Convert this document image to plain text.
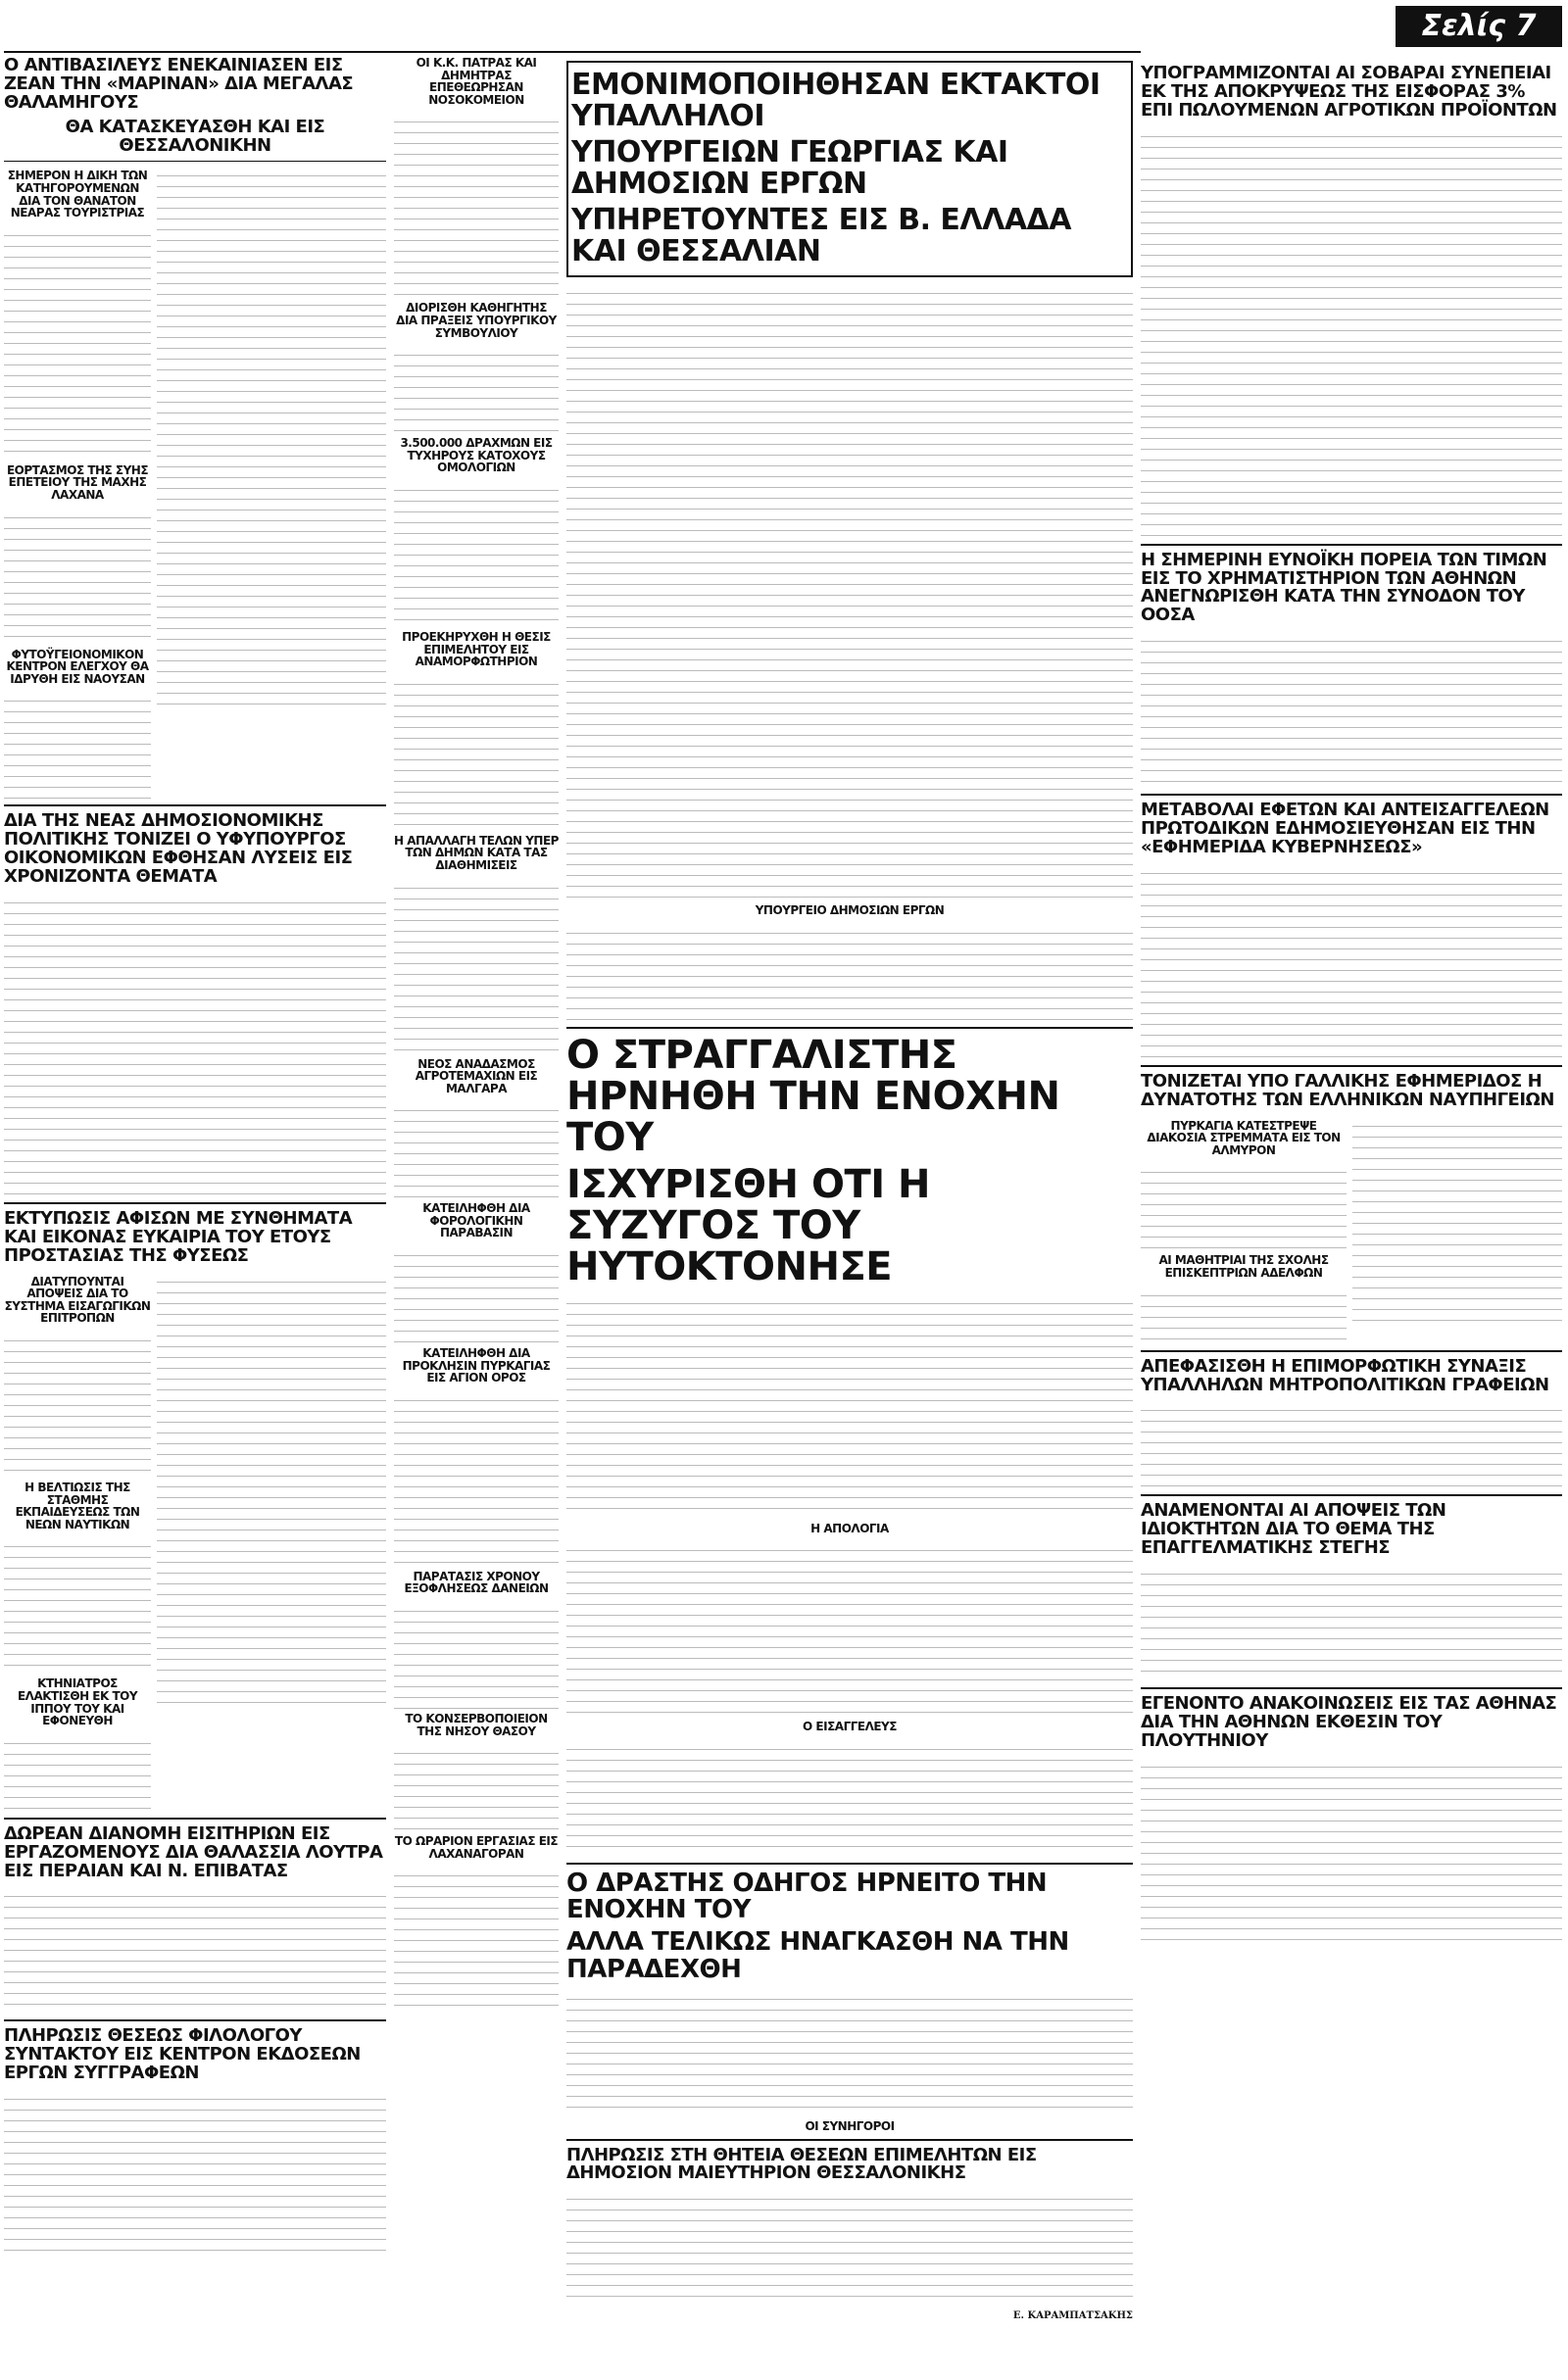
Σελίς 7
Ο ΑΝΤΙΒΑΣΙΛΕΥΣ ΕΝΕΚΑΙΝΙΑΣΕΝ ΕΙΣ ΖΕΑΝ ΤΗΝ «ΜΑΡΙΝΑΝ» ΔΙΑ ΜΕΓΑΛΑΣ ΘΑΛΑΜΗΓΟΥΣ
ΘΑ ΚΑΤΑΣΚΕΥΑΣΘΗ ΚΑΙ ΕΙΣ ΘΕΣΣΑΛΟΝΙΚΗΝ
ΣΗΜΕΡΟΝ Η ΔΙΚΗ ΤΩΝ ΚΑΤΗΓΟΡΟΥΜΕΝΩΝ ΔΙΑ ΤΟΝ ΘΑΝΑΤΟΝ ΝΕΑΡΑΣ ΤΟΥΡΙΣΤΡΙΑΣ
ΕΟΡΤΑΣΜΟΣ ΤΗΣ ΣΥΗΣ ΕΠΕΤΕΙΟΥ ΤΗΣ ΜΑΧΗΣ ΛΑΧΑΝΑ
ΦΥΤΟΫΓΕΙΟΝΟΜΙΚΟΝ ΚΕΝΤΡΟΝ ΕΛΕΓΧΟΥ ΘΑ ΙΔΡΥΘΗ ΕΙΣ ΝΑΟΥΣΑΝ
ΔΙΑ ΤΗΣ ΝΕΑΣ ΔΗΜΟΣΙΟΝΟΜΙΚΗΣ ΠΟΛΙΤΙΚΗΣ ΤΟΝΙΖΕΙ Ο ΥΦΥΠΟΥΡΓΟΣ ΟΙΚΟΝΟΜΙΚΩΝ ΕΦΘΗΣΑΝ ΛΥΣΕΙΣ ΕΙΣ ΧΡΟΝΙΖΟΝΤΑ ΘΕΜΑΤΑ
ΕΚΤΥΠΩΣΙΣ ΑΦΙΣΩΝ ΜΕ ΣΥΝΘΗΜΑΤΑ ΚΑΙ ΕΙΚΟΝΑΣ ΕΥΚΑΙΡΙΑ ΤΟΥ ΕΤΟΥΣ ΠΡΟΣΤΑΣΙΑΣ ΤΗΣ ΦΥΣΕΩΣ
ΔΙΑΤΥΠΟΥΝΤΑΙ ΑΠΟΨΕΙΣ ΔΙΑ ΤΟ ΣΥΣΤΗΜΑ ΕΙΣΑΓΩΓΙΚΩΝ ΕΠΙΤΡΟΠΩΝ
Η ΒΕΛΤΙΩΣΙΣ ΤΗΣ ΣΤΑΘΜΗΣ ΕΚΠΑΙΔΕΥΣΕΩΣ ΤΩΝ ΝΕΩΝ ΝΑΥΤΙΚΩΝ
ΚΤΗΝΙΑΤΡΟΣ ΕΛΑΚΤΙΣΘΗ ΕΚ ΤΟΥ ΙΠΠΟΥ ΤΟΥ ΚΑΙ ΕΦΟΝΕΥΘΗ
ΔΩΡΕΑΝ ΔΙΑΝΟΜΗ ΕΙΣΙΤΗΡΙΩΝ ΕΙΣ ΕΡΓΑΖΟΜΕΝΟΥΣ ΔΙΑ ΘΑΛΑΣΣΙΑ ΛΟΥΤΡΑ ΕΙΣ ΠΕΡΑΙΑΝ ΚΑΙ Ν. ΕΠΙΒΑΤΑΣ
ΠΛΗΡΩΣΙΣ ΘΕΣΕΩΣ ΦΙΛΟΛΟΓΟΥ ΣΥΝΤΑΚΤΟΥ ΕΙΣ ΚΕΝΤΡΟΝ ΕΚΔΟΣΕΩΝ ΕΡΓΩΝ ΣΥΓΓΡΑΦΕΩΝ
ΟΙ Κ.Κ. ΠΑΤΡΑΣ ΚΑΙ ΔΗΜΗΤΡΑΣ ΕΠΕΘΕΩΡΗΣΑΝ ΝΟΣΟΚΟΜΕΙΟΝ
ΔΙΟΡΙΣΘΗ ΚΑΘΗΓΗΤΗΣ ΔΙΑ ΠΡΑΞΕΙΣ ΥΠΟΥΡΓΙΚΟΥ ΣΥΜΒΟΥΛΙΟΥ
3.500.000 ΔΡΑΧΜΩΝ ΕΙΣ ΤΥΧΗΡΟΥΣ ΚΑΤΟΧΟΥΣ ΟΜΟΛΟΓΙΩΝ
ΠΡΟΕΚΗΡΥΧΘΗ Η ΘΕΣΙΣ ΕΠΙΜΕΛΗΤΟΥ ΕΙΣ ΑΝΑΜΟΡΦΩΤΗΡΙΟΝ
Η ΑΠΑΛΛΑΓΗ ΤΕΛΩΝ ΥΠΕΡ ΤΩΝ ΔΗΜΩΝ ΚΑΤΑ ΤΑΣ ΔΙΑΘΗΜΙΣΕΙΣ
ΝΕΟΣ ΑΝΑΔΑΣΜΟΣ ΑΓΡΟΤΕΜΑΧΙΩΝ ΕΙΣ ΜΑΛΓΑΡΑ
ΚΑΤΕΙΛΗΦΘΗ ΔΙΑ ΦΟΡΟΛΟΓΙΚΗΝ ΠΑΡΑΒΑΣΙΝ
ΚΑΤΕΙΛΗΦΘΗ ΔΙΑ ΠΡΟΚΛΗΣΙΝ ΠΥΡΚΑΓΙΑΣ ΕΙΣ ΑΓΙΟΝ ΟΡΟΣ
ΠΑΡΑΤΑΣΙΣ ΧΡΟΝΟΥ ΕΞΟΦΛΗΣΕΩΣ ΔΑΝΕΙΩΝ
ΤΟ ΚΟΝΣΕΡΒΟΠΟΙΕΙΟΝ ΤΗΣ ΝΗΣΟΥ ΘΑΣΟΥ
ΤΟ ΩΡΑΡΙΟΝ ΕΡΓΑΣΙΑΣ ΕΙΣ ΛΑΧΑΝΑΓΟΡΑΝ
ΕΜΟΝΙΜΟΠΟΙΗΘΗΣΑΝ ΕΚΤΑΚΤΟΙ ΥΠΑΛΛΗΛΟΙ
ΥΠΟΥΡΓΕΙΩΝ ΓΕΩΡΓΙΑΣ ΚΑΙ ΔΗΜΟΣΙΩΝ ΕΡΓΩΝ
ΥΠΗΡΕΤΟΥΝΤΕΣ ΕΙΣ Β. ΕΛΛΑΔΑ ΚΑΙ ΘΕΣΣΑΛΙΑΝ
ΥΠΟΥΡΓΕΙΟ ΔΗΜΟΣΙΩΝ ΕΡΓΩΝ
Ο ΣΤΡΑΓΓΑΛΙΣΤΗΣ ΗΡΝΗΘΗ ΤΗΝ ΕΝΟΧΗΝ ΤΟΥ
ΙΣΧΥΡΙΣΘΗ ΟΤΙ Η ΣΥΖΥΓΟΣ ΤΟΥ ΗΥΤΟΚΤΟΝΗΣΕ
Η ΑΠΟΛΟΓΙΑ
Ο ΕΙΣΑΓΓΕΛΕΥΣ
Ο ΔΡΑΣΤΗΣ ΟΔΗΓΟΣ ΗΡΝΕΙΤΟ ΤΗΝ ΕΝΟΧΗΝ ΤΟΥ
ΑΛΛΑ ΤΕΛΙΚΩΣ ΗΝΑΓΚΑΣΘΗ ΝΑ ΤΗΝ ΠΑΡΑΔΕΧΘΗ
ΟΙ ΣΥΝΗΓΟΡΟΙ
ΠΛΗΡΩΣΙΣ ΣΤΗ ΘΗΤΕΙΑ ΘΕΣΕΩΝ ΕΠΙΜΕΛΗΤΩΝ ΕΙΣ ΔΗΜΟΣΙΟΝ ΜΑΙΕΥΤΗΡΙΟΝ ΘΕΣΣΑΛΟΝΙΚΗΣ
Ε. ΚΑΡΑΜΠΑΤΣΑΚΗΣ
ΥΠΟΓΡΑΜΜΙΖΟΝΤΑΙ ΑΙ ΣΟΒΑΡΑΙ ΣΥΝΕΠΕΙΑΙ ΕΚ ΤΗΣ ΑΠΟΚΡΥΨΕΩΣ ΤΗΣ ΕΙΣΦΟΡΑΣ 3% ΕΠΙ ΠΩΛΟΥΜΕΝΩΝ ΑΓΡΟΤΙΚΩΝ ΠΡΟΪΟΝΤΩΝ
Η ΣΗΜΕΡΙΝΗ ΕΥΝΟΪΚΗ ΠΟΡΕΙΑ ΤΩΝ ΤΙΜΩΝ ΕΙΣ ΤΟ ΧΡΗΜΑΤΙΣΤΗΡΙΟΝ ΤΩΝ ΑΘΗΝΩΝ ΑΝΕΓΝΩΡΙΣΘΗ ΚΑΤΑ ΤΗΝ ΣΥΝΟΔΟΝ ΤΟΥ ΟΟΣΑ
ΜΕΤΑΒΟΛΑΙ ΕΦΕΤΩΝ ΚΑΙ ΑΝΤΕΙΣΑΓΓΕΛΕΩΝ ΠΡΩΤΟΔΙΚΩΝ ΕΔΗΜΟΣΙΕΥΘΗΣΑΝ ΕΙΣ ΤΗΝ «ΕΦΗΜΕΡΙΔΑ ΚΥΒΕΡΝΗΣΕΩΣ»
ΤΟΝΙΖΕΤΑΙ ΥΠΟ ΓΑΛΛΙΚΗΣ ΕΦΗΜΕΡΙΔΟΣ Η ΔΥΝΑΤΟΤΗΣ ΤΩΝ ΕΛΛΗΝΙΚΩΝ ΝΑΥΠΗΓΕΙΩΝ
ΠΥΡΚΑΓΙΑ ΚΑΤΕΣΤΡΕΨΕ ΔΙΑΚΟΣΙΑ ΣΤΡΕΜΜΑΤΑ ΕΙΣ ΤΟΝ ΑΛΜΥΡΟΝ
ΑΙ ΜΑΘΗΤΡΙΑΙ ΤΗΣ ΣΧΟΛΗΣ ΕΠΙΣΚΕΠΤΡΙΩΝ ΑΔΕΛΦΩΝ
ΑΠΕΦΑΣΙΣΘΗ Η ΕΠΙΜΟΡΦΩΤΙΚΗ ΣΥΝΑΞΙΣ ΥΠΑΛΛΗΛΩΝ ΜΗΤΡΟΠΟΛΙΤΙΚΩΝ ΓΡΑΦΕΙΩΝ
ΑΝΑΜΕΝΟΝΤΑΙ ΑΙ ΑΠΟΨΕΙΣ ΤΩΝ ΙΔΙΟΚΤΗΤΩΝ ΔΙΑ ΤΟ ΘΕΜΑ ΤΗΣ ΕΠΑΓΓΕΛΜΑΤΙΚΗΣ ΣΤΕΓΗΣ
ΕΓΕΝΟΝΤΟ ΑΝΑΚΟΙΝΩΣΕΙΣ ΕΙΣ ΤΑΣ ΑΘΗΝΑΣ ΔΙΑ ΤΗΝ ΑΘΗΝΩΝ ΕΚΘΕΣΙΝ ΤΟΥ ΠΛΟΥΤΗΝΙΟΥ
